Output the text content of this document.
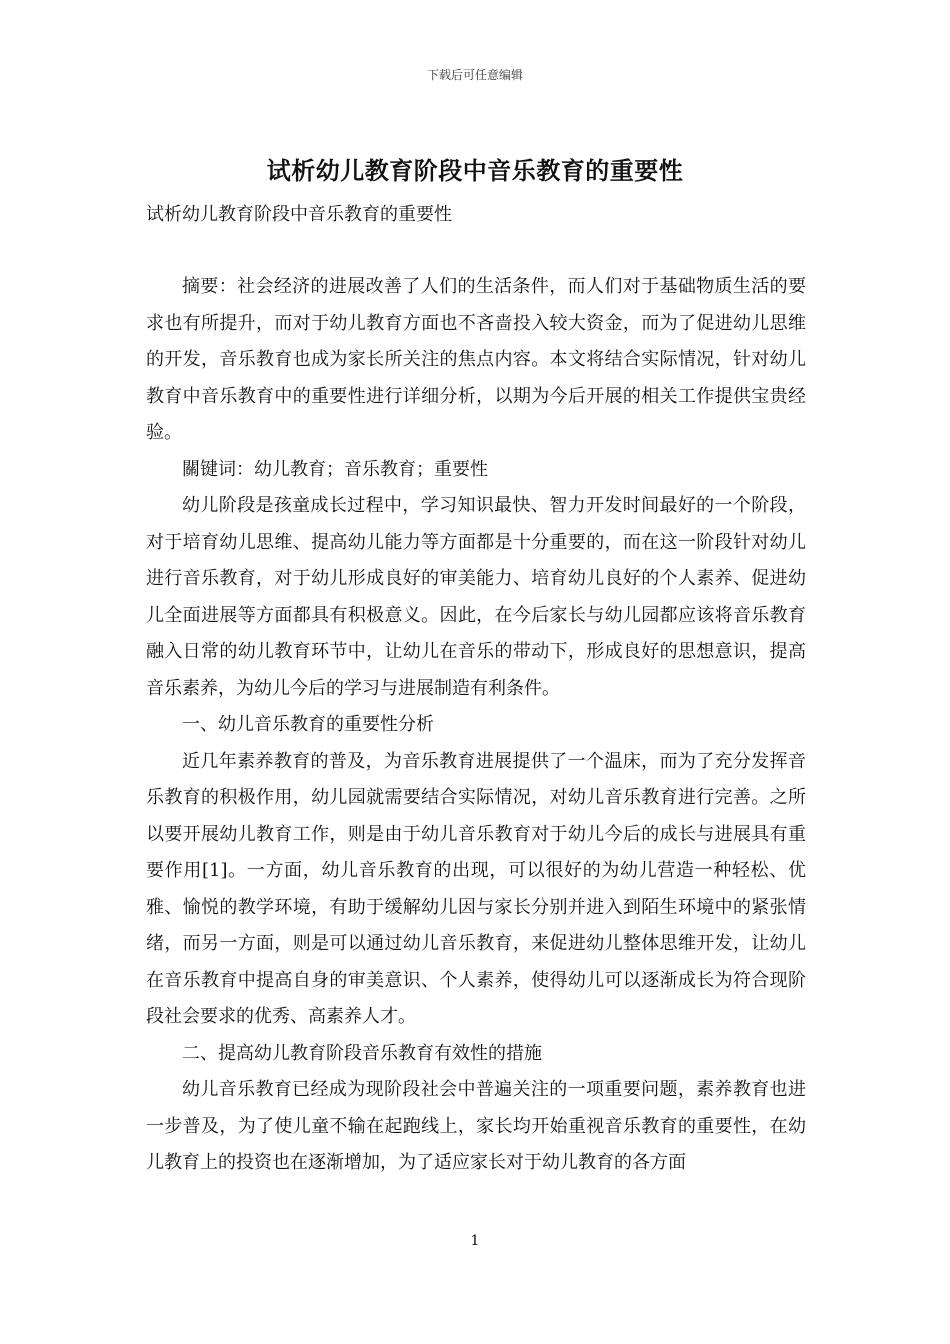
下载后可任意编辑
试析幼儿教育阶段中音乐教育的重要性
试析幼儿教育阶段中音乐教育的重要性

摘要：社会经济的进展改善了人们的生活条件，而人们对于基础物质生活的要求也有所提升，而对于幼儿教育方面也不吝啬投入较大资金，而为了促进幼儿思维的开发，音乐教育也成为家长所关注的焦点内容。本文将结合实际情况，针对幼儿教育中音乐教育中的重要性进行详细分析，以期为今后开展的相关工作提供宝贵经验。

關键词：幼儿教育；音乐教育；重要性

幼儿阶段是孩童成长过程中，学习知识最快、智力开发时间最好的一个阶段，对于培育幼儿思维、提高幼儿能力等方面都是十分重要的，而在这一阶段针对幼儿进行音乐教育，对于幼儿形成良好的审美能力、培育幼儿良好的个人素养、促进幼儿全面进展等方面都具有积极意义。因此，在今后家长与幼儿园都应该将音乐教育融入日常的幼儿教育环节中，让幼儿在音乐的带动下，形成良好的思想意识，提高音乐素养，为幼儿今后的学习与进展制造有利条件。

一、幼儿音乐教育的重要性分析

近几年素养教育的普及，为音乐教育进展提供了一个温床，而为了充分发挥音乐教育的积极作用，幼儿园就需要结合实际情况，对幼儿音乐教育进行完善。之所以要开展幼儿教育工作，则是由于幼儿音乐教育对于幼儿今后的成长与进展具有重要作用[1]。一方面，幼儿音乐教育的出现，可以很好的为幼儿营造一种轻松、优雅、愉悦的教学环境，有助于缓解幼儿因与家长分别并进入到陌生环境中的紧张情绪，而另一方面，则是可以通过幼儿音乐教育，来促进幼儿整体思维开发，让幼儿在音乐教育中提高自身的审美意识、个人素养，使得幼儿可以逐渐成长为符合现阶段社会要求的优秀、高素养人才。

二、提高幼儿教育阶段音乐教育有效性的措施

幼儿音乐教育已经成为现阶段社会中普遍关注的一项重要问题，素养教育也进一步普及，为了使儿童不输在起跑线上，家长均开始重视音乐教育的重要性，在幼儿教育上的投资也在逐渐增加，为了适应家长对于幼儿教育的各方面

1
